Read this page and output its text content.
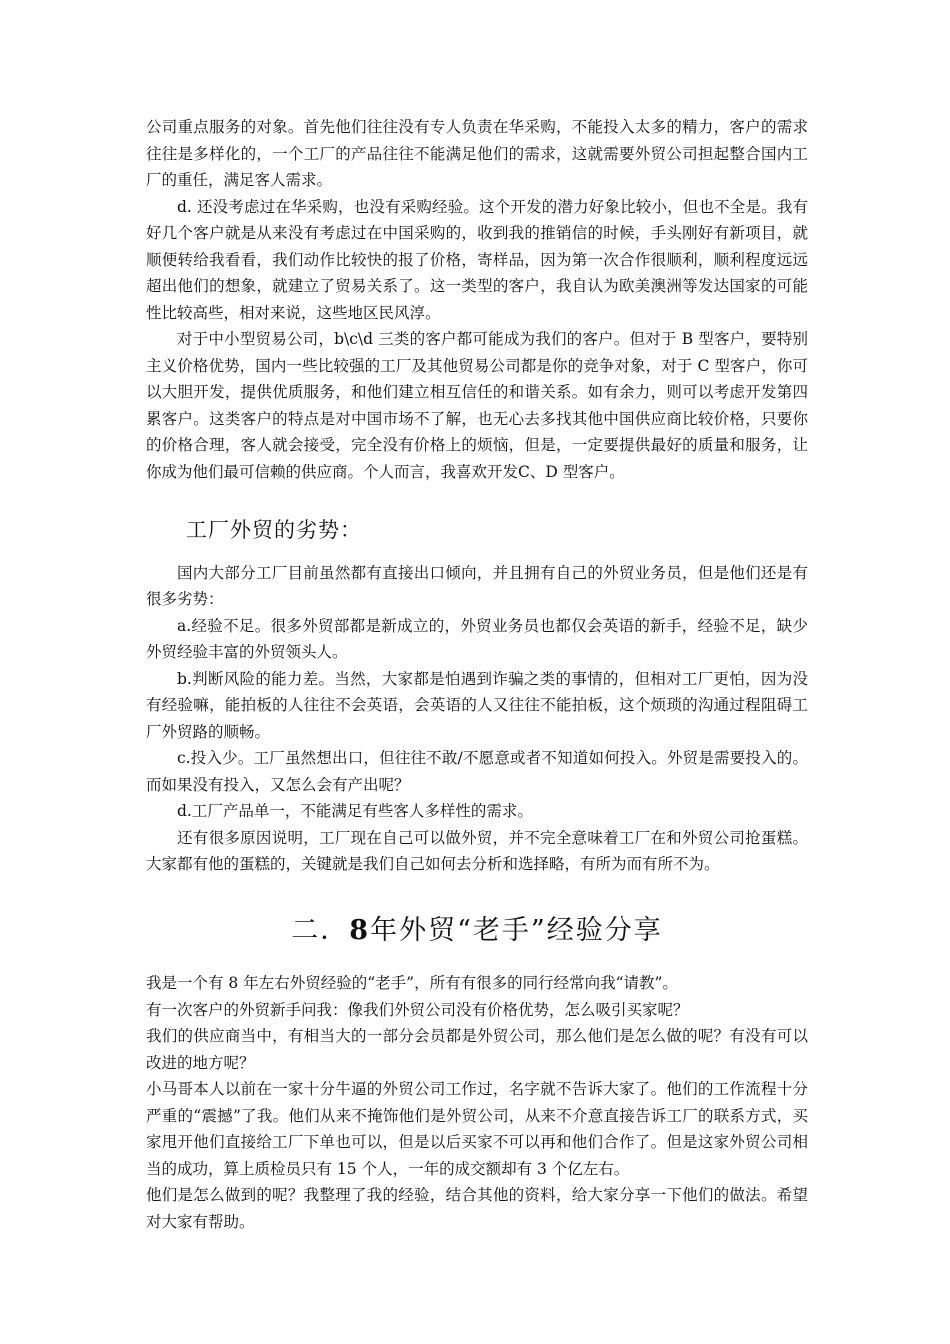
公司重点服务的对象。首先他们往往没有专人负责在华采购，不能投入太多的精力，客户的需求往往是多样化的，一个工厂的产品往往不能满足他们的需求，这就需要外贸公司担起整合国内工厂的重任，满足客人需求。

d. 还没考虑过在华采购，也没有采购经验。这个开发的潜力好象比较小，但也不全是。我有好几个客户就是从来没有考虑过在中国采购的，收到我的推销信的时候，手头刚好有新项目，就顺便转给我看看，我们动作比较快的报了价格，寄样品，因为第一次合作很顺利，顺利程度远远超出他们的想象，就建立了贸易关系了。这一类型的客户，我自认为欧美澳洲等发达国家的可能性比较高些，相对来说，这些地区民风淳。

对于中小型贸易公司，b\c\d 三类的客户都可能成为我们的客户。但对于 B 型客户，要特别主义价格优势，国内一些比较强的工厂及其他贸易公司都是你的竞争对象，对于 C 型客户，你可以大胆开发，提供优质服务，和他们建立相互信任的和谐关系。如有余力，则可以考虑开发第四累客户。这类客户的特点是对中国市场不了解，也无心去多找其他中国供应商比较价格，只要你的价格合理，客人就会接受，完全没有价格上的烦恼，但是，一定要提供最好的质量和服务，让你成为他们最可信赖的供应商。个人而言，我喜欢开发C、D 型客户。

工厂外贸的劣势：

国内大部分工厂目前虽然都有直接出口倾向，并且拥有自己的外贸业务员，但是他们还是有很多劣势：

a.经验不足。很多外贸部都是新成立的，外贸业务员也都仅会英语的新手，经验不足，缺少外贸经验丰富的外贸领头人。

b.判断风险的能力差。当然，大家都是怕遇到诈骗之类的事情的，但相对工厂更怕，因为没有经验嘛，能拍板的人往往不会英语，会英语的人又往往不能拍板，这个烦琐的沟通过程阻碍工厂外贸路的顺畅。

c.投入少。工厂虽然想出口，但往往不敢/不愿意或者不知道如何投入。外贸是需要投入的。而如果没有投入，又怎么会有产出呢？

d.工厂产品单一，不能满足有些客人多样性的需求。

还有很多原因说明，工厂现在自己可以做外贸，并不完全意味着工厂在和外贸公司抢蛋糕。大家都有他的蛋糕的，关键就是我们自己如何去分析和选择略，有所为而有所不为。

二．8年外贸“老手”经验分享

我是一个有 8 年左右外贸经验的“老手”，所有有很多的同行经常向我“请教”。

有一次客户的外贸新手问我：像我们外贸公司没有价格优势，怎么吸引买家呢？

我们的供应商当中，有相当大的一部分会员都是外贸公司，那么他们是怎么做的呢？有没有可以改进的地方呢？

小马哥本人以前在一家十分牛逼的外贸公司工作过，名字就不告诉大家了。他们的工作流程十分严重的“震撼”了我。他们从来不掩饰他们是外贸公司，从来不介意直接告诉工厂的联系方式，买家甩开他们直接给工厂下单也可以，但是以后买家不可以再和他们合作了。但是这家外贸公司相当的成功，算上质检员只有 15 个人，一年的成交额却有 3 个亿左右。

他们是怎么做到的呢？我整理了我的经验，结合其他的资料，给大家分享一下他们的做法。希望对大家有帮助。
